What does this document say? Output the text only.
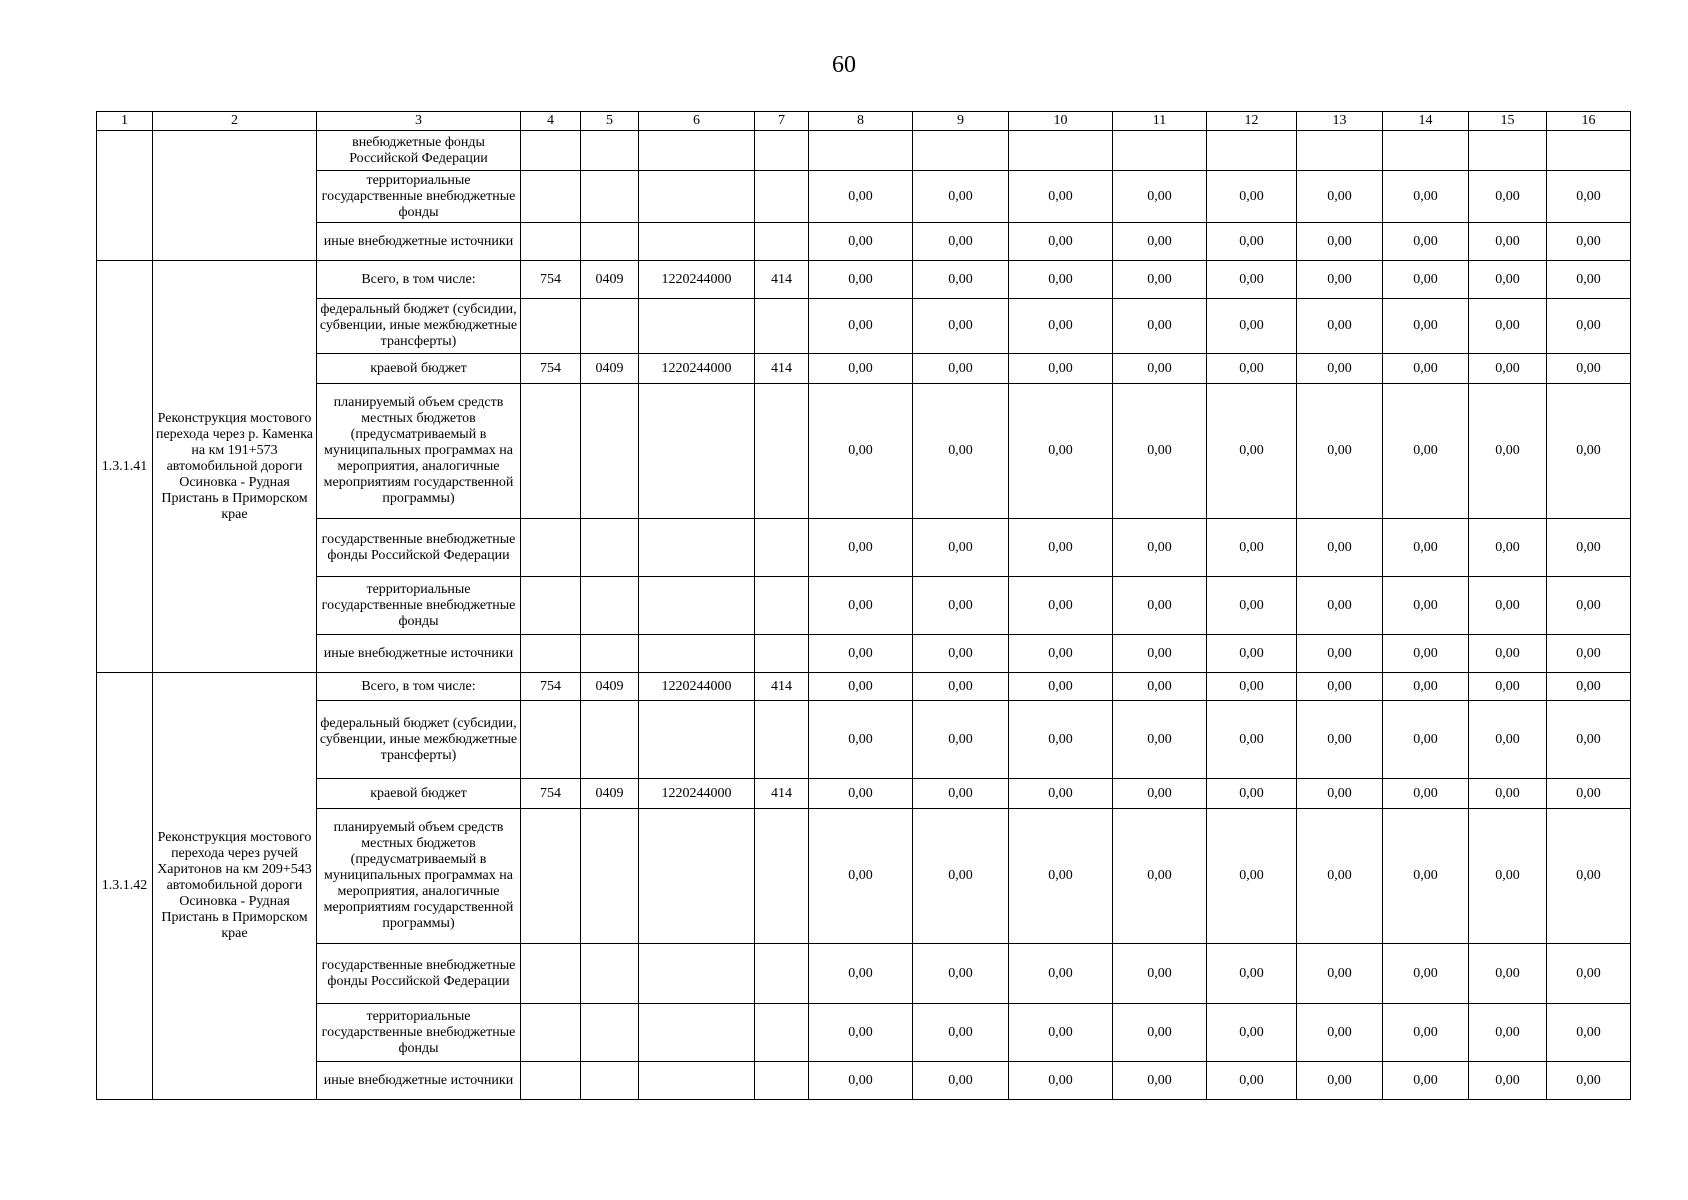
60
1	2	3	4	5	6	7	8	9	10	11	12	13	14	15	16
		внебюджетные фонды Российской Федерации													
		территориальные государственные внебюджетные фонды					0,00	0,00	0,00	0,00	0,00	0,00	0,00	0,00	0,00
		иные внебюджетные источники					0,00	0,00	0,00	0,00	0,00	0,00	0,00	0,00	0,00
1.3.1.41	Реконструкция мостового перехода через р. Каменка на км 191+573 автомобильной дороги Осиновка - Рудная Пристань в Приморском крае	Всего, в том числе:	754	0409	1220244000	414	0,00	0,00	0,00	0,00	0,00	0,00	0,00	0,00	0,00
		федеральный бюджет (субсидии, субвенции, иные межбюджетные трансферты)					0,00	0,00	0,00	0,00	0,00	0,00	0,00	0,00	0,00
		краевой бюджет	754	0409	1220244000	414	0,00	0,00	0,00	0,00	0,00	0,00	0,00	0,00	0,00
		планируемый объем средств местных бюджетов (предусматриваемый в муниципальных программах на мероприятия, аналогичные мероприятиям государственной программы)					0,00	0,00	0,00	0,00	0,00	0,00	0,00	0,00	0,00
		государственные внебюджетные фонды Российской Федерации					0,00	0,00	0,00	0,00	0,00	0,00	0,00	0,00	0,00
		территориальные государственные внебюджетные фонды					0,00	0,00	0,00	0,00	0,00	0,00	0,00	0,00	0,00
		иные внебюджетные источники					0,00	0,00	0,00	0,00	0,00	0,00	0,00	0,00	0,00
1.3.1.42	Реконструкция мостового перехода через ручей Харитонов на км 209+543 автомобильной дороги Осиновка - Рудная Пристань в Приморском крае	Всего, в том числе:	754	0409	1220244000	414	0,00	0,00	0,00	0,00	0,00	0,00	0,00	0,00	0,00
		федеральный бюджет (субсидии, субвенции, иные межбюджетные трансферты)					0,00	0,00	0,00	0,00	0,00	0,00	0,00	0,00	0,00
		краевой бюджет	754	0409	1220244000	414	0,00	0,00	0,00	0,00	0,00	0,00	0,00	0,00	0,00
		планируемый объем средств местных бюджетов (предусматриваемый в муниципальных программах на мероприятия, аналогичные мероприятиям государственной программы)					0,00	0,00	0,00	0,00	0,00	0,00	0,00	0,00	0,00
		государственные внебюджетные фонды Российской Федерации					0,00	0,00	0,00	0,00	0,00	0,00	0,00	0,00	0,00
		территориальные государственные внебюджетные фонды					0,00	0,00	0,00	0,00	0,00	0,00	0,00	0,00	0,00
		иные внебюджетные источники					0,00	0,00	0,00	0,00	0,00	0,00	0,00	0,00	0,00
